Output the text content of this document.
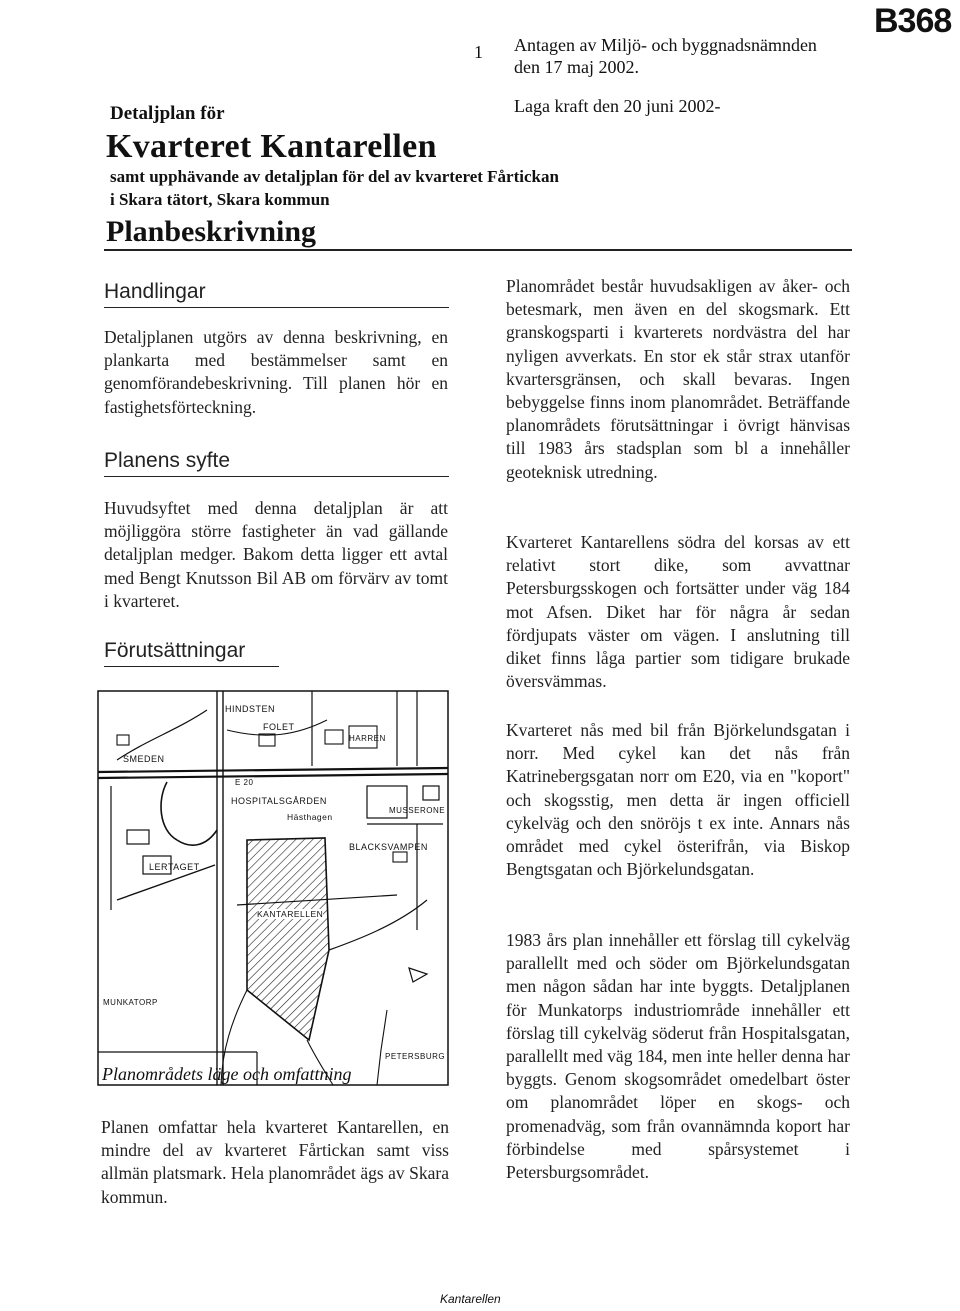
1
B368
Antagen av Miljö- och byggnadsnämnden
den 17 maj 2002.
Laga kraft den 20 juni 2002-
Detaljplan för
Kvarteret Kantarellen
samt upphävande av detaljplan för del av kvarteret Fårtickan
i Skara tätort, Skara kommun
Planbeskrivning
Handlingar
Detaljplanen utgörs av denna beskrivning, en plankarta med bestämmelser samt en genomförandebeskrivning. Till planen hör en fastighetsförteckning.
Planens syfte
Huvudsyftet med denna detaljplan är att möjliggöra större fastigheter än vad gällande detaljplan medger. Bakom detta ligger ett avtal med Bengt Knutsson Bil AB om förvärv av tomt i kvarteret.
Förutsättningar
HINDSTEN
FOLET
HARREN
SMEDEN
E 20
HOSPITALSGÅRDEN
Hästhagen
MUSSERONE
BLACKSVAMPEN
LERTAGET
KANTARELLEN
MUNKATORP
PETERSBURG
Planområdets läge och omfattning
Planen omfattar hela kvarteret Kantarellen, en mindre del av kvarteret Fårtickan samt viss allmän platsmark. Hela planområdet ägs av Skara kommun.
Planområdet består huvudsakligen av åker- och betesmark, men även en del skogsmark. Ett granskogsparti i kvarterets nordvästra del har nyligen avverkats. En stor ek står strax utanför kvartersgränsen, och skall bevaras. Ingen bebyggelse finns inom planområdet. Beträffande planområdets förutsättningar i övrigt hänvisas till 1983 års stadsplan som bl a innehåller geoteknisk utredning.
Kvarteret Kantarellens södra del korsas av ett relativt stort dike, som avvattnar Petersburgsskogen och fortsätter under väg 184 mot Afsen. Diket har för några år sedan fördjupats väster om vägen. I anslutning till diket finns låga partier som tidigare brukade översvämmas.
Kvarteret nås med bil från Björkelundsgatan i norr. Med cykel kan det nås från Katrinebergsgatan norr om E20, via en "koport" och skogsstig, men detta är ingen officiell cykelväg och den snöröjs t ex inte. Annars nås området med cykel österifrån, via Biskop Bengtsgatan och Björkelundsgatan.
1983 års plan innehåller ett förslag till cykelväg parallellt med och söder om Björkelundsgatan men någon sådan har inte byggts. Detaljplanen för Munkatorps industriområde innehåller ett förslag till cykelväg söderut från Hospitalsgatan, parallellt med väg 184, men inte heller denna har byggts. Genom skogsområdet omedelbart öster om planområdet löper en skogs- och promenadväg, som från ovannämnda koport har förbindelse med spårsystemet i Petersburgsområdet.
Kantarellen
